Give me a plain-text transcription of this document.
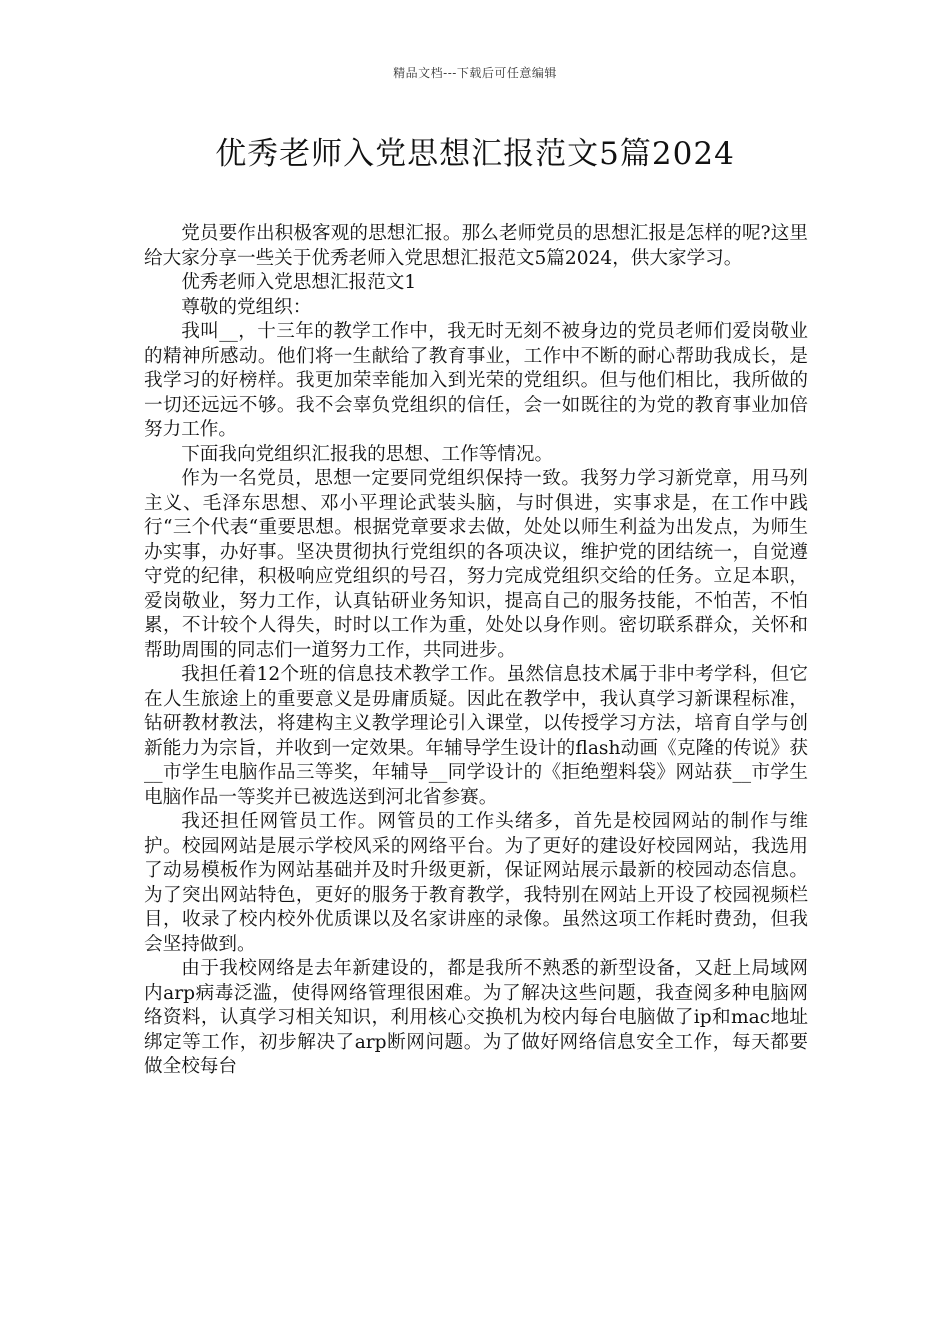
精品文档---下载后可任意编辑
优秀老师入党思想汇报范文5篇2024

党员要作出积极客观的思想汇报。那么老师党员的思想汇报是怎样的呢?这里给大家分享一些关于优秀老师入党思想汇报范文5篇2024，供大家学习。

优秀老师入党思想汇报范文1

尊敬的党组织：

我叫__，十三年的教学工作中，我无时无刻不被身边的党员老师们爱岗敬业的精神所感动。他们将一生献给了教育事业，工作中不断的耐心帮助我成长，是我学习的好榜样。我更加荣幸能加入到光荣的党组织。但与他们相比，我所做的一切还远远不够。我不会辜负党组织的信任，会一如既往的为党的教育事业加倍努力工作。

下面我向党组织汇报我的思想、工作等情况。

作为一名党员，思想一定要同党组织保持一致。我努力学习新党章，用马列主义、毛泽东思想、邓小平理论武装头脑，与时俱进，实事求是，在工作中践行“三个代表“重要思想。根据党章要求去做，处处以师生利益为出发点，为师生办实事，办好事。坚决贯彻执行党组织的各项决议，维护党的团结统一，自觉遵守党的纪律，积极响应党组织的号召，努力完成党组织交给的任务。立足本职，爱岗敬业，努力工作，认真钻研业务知识，提高自己的服务技能，不怕苦，不怕累，不计较个人得失，时时以工作为重，处处以身作则。密切联系群众，关怀和帮助周围的同志们一道努力工作，共同进步。

我担任着12个班的信息技术教学工作。虽然信息技术属于非中考学科，但它在人生旅途上的重要意义是毋庸质疑。因此在教学中，我认真学习新课程标准，钻研教材教法，将建构主义教学理论引入课堂，以传授学习方法，培育自学与创新能力为宗旨，并收到一定效果。年辅导学生设计的flash动画《克隆的传说》获__市学生电脑作品三等奖，年辅导__同学设计的《拒绝塑料袋》网站获__市学生电脑作品一等奖并已被选送到河北省参赛。

我还担任网管员工作。网管员的工作头绪多，首先是校园网站的制作与维护。校园网站是展示学校风采的网络平台。为了更好的建设好校园网站，我选用了动易模板作为网站基础并及时升级更新，保证网站展示最新的校园动态信息。为了突出网站特色，更好的服务于教育教学，我特别在网站上开设了校园视频栏目，收录了校内校外优质课以及名家讲座的录像。虽然这项工作耗时费劲，但我会坚持做到。

由于我校网络是去年新建设的，都是我所不熟悉的新型设备，又赶上局域网内arp病毒泛滥，使得网络管理很困难。为了解决这些问题，我查阅多种电脑网络资料，认真学习相关知识，利用核心交换机为校内每台电脑做了ip和mac地址绑定等工作，初步解决了arp断网问题。为了做好网络信息安全工作，每天都要做全校每台
